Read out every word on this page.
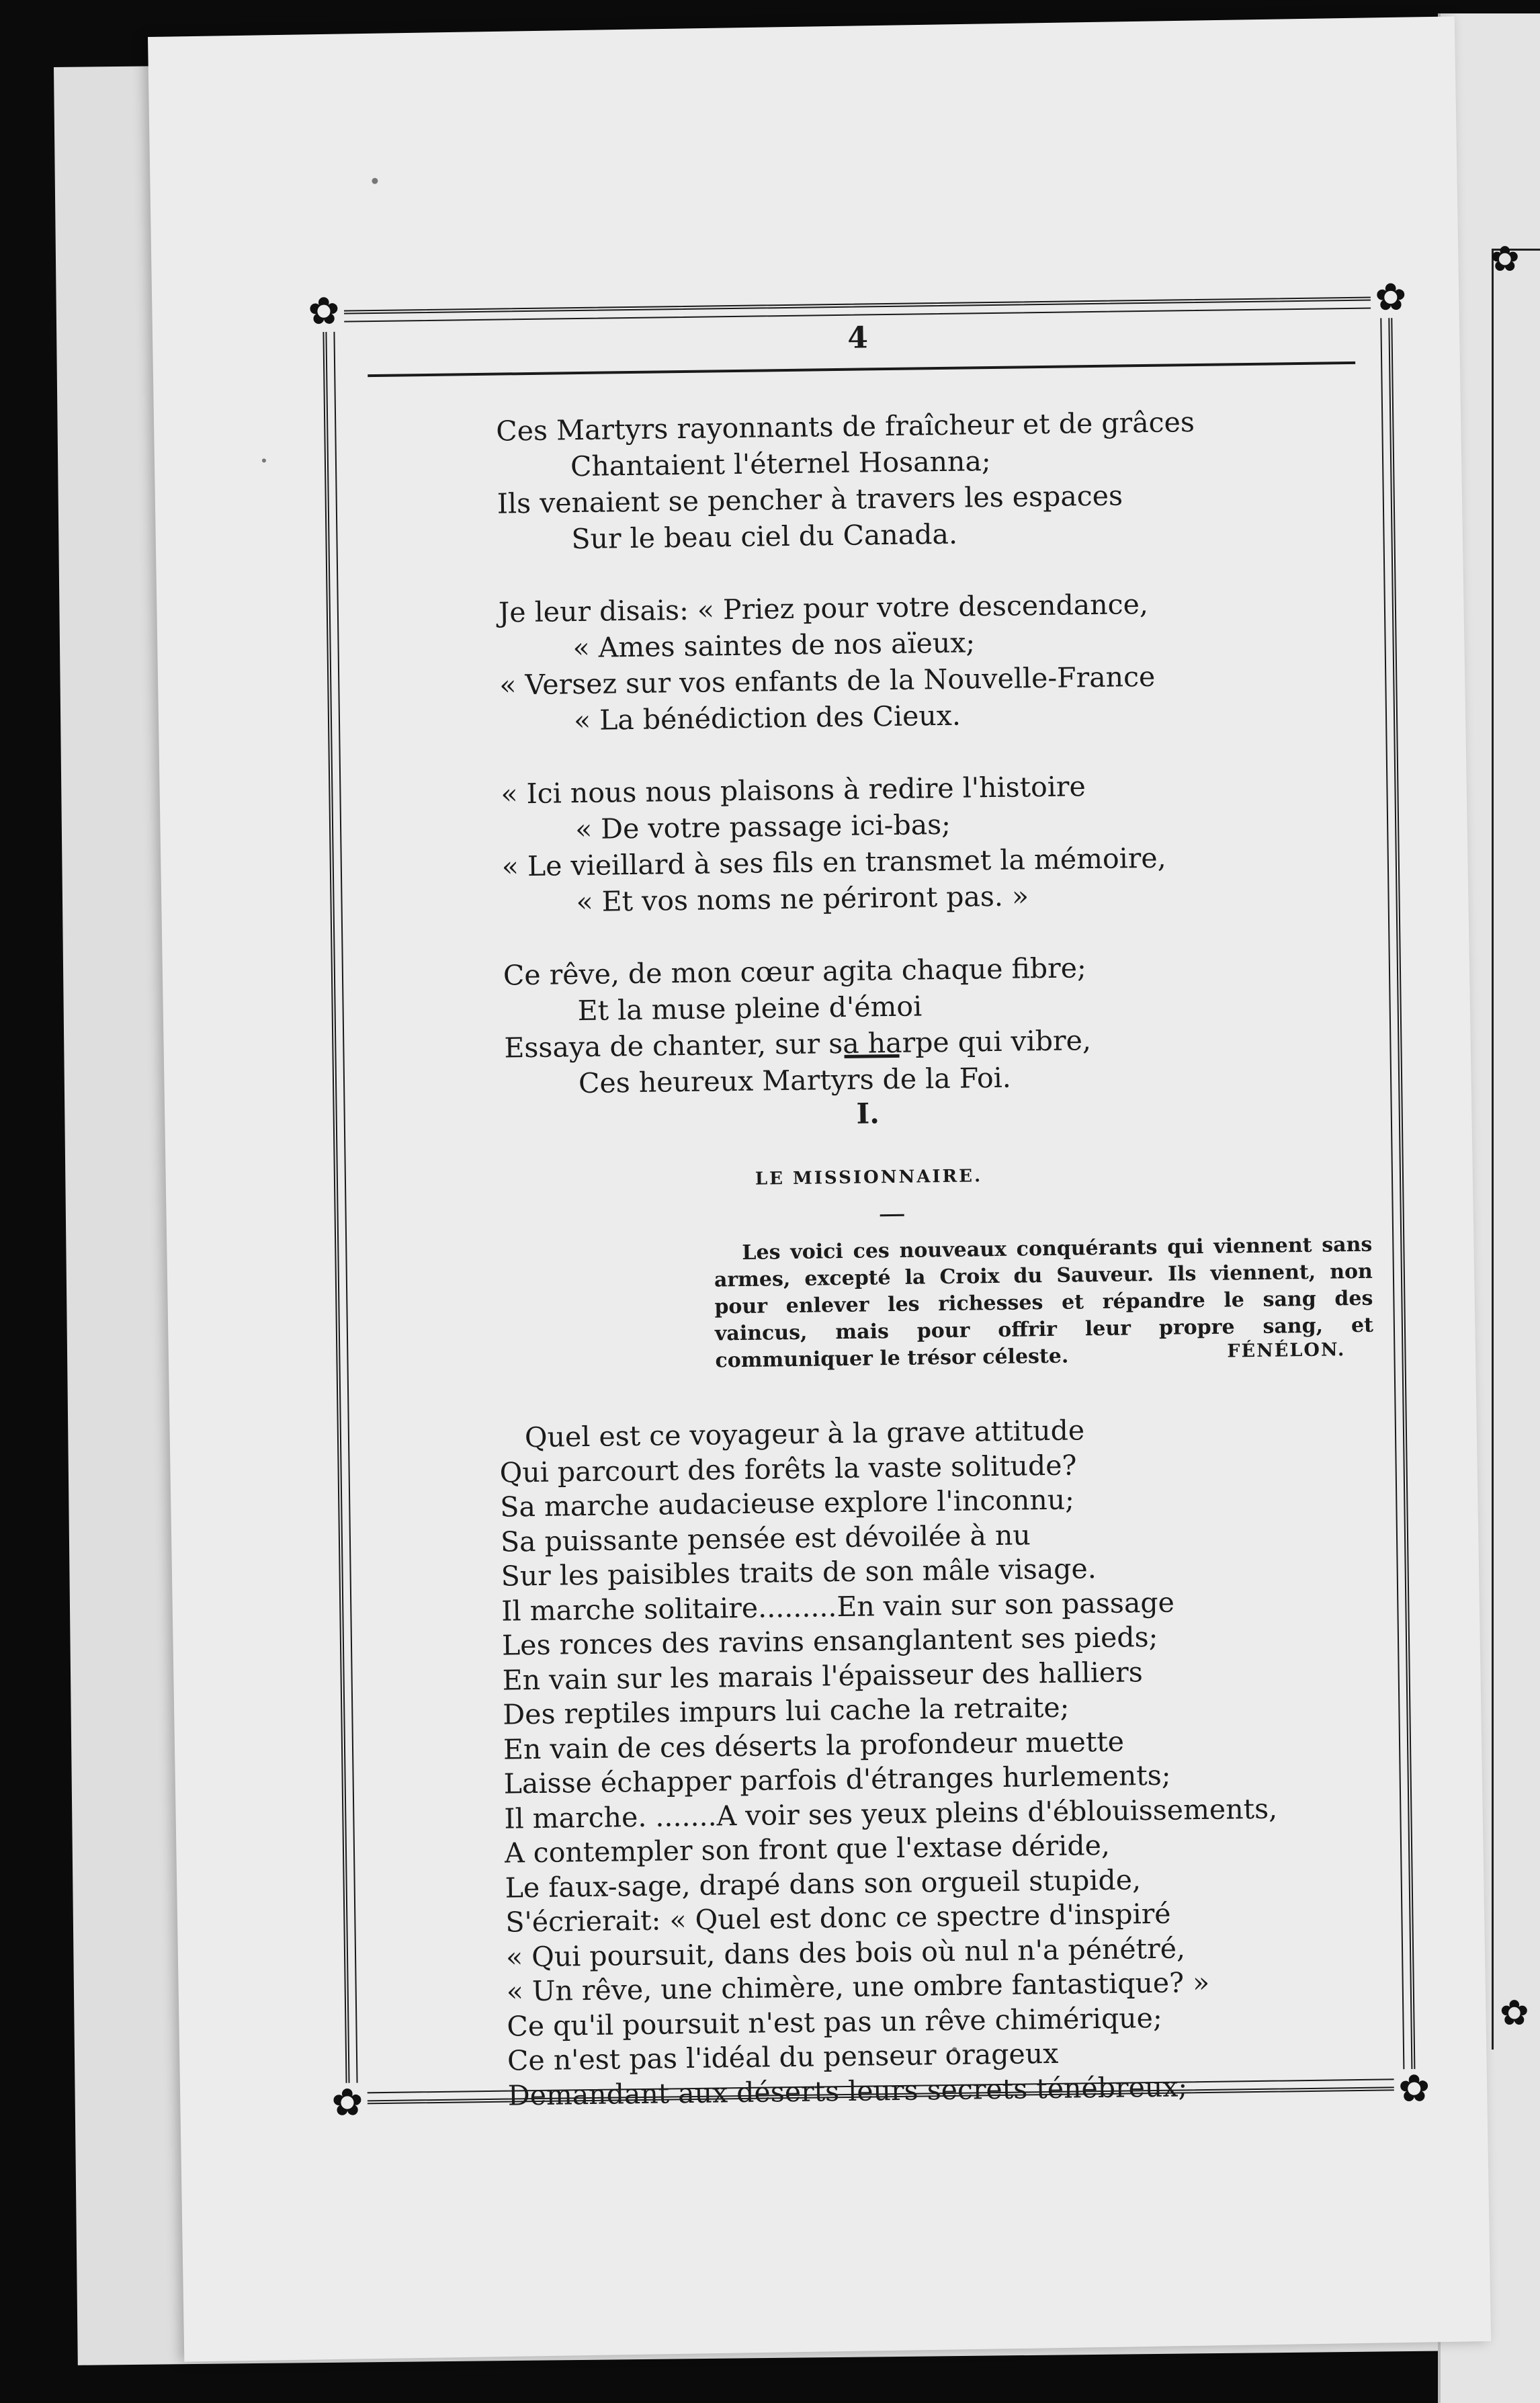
✿
✿
✿	✿
✿	✿
4
Ces Martyrs rayonnants de fraîcheur et de grâces
Chantaient l'éternel Hosanna;
Ils venaient se pencher à travers les espaces
Sur le beau ciel du Canada.
Je leur disais: « Priez pour votre descendance,
« Ames saintes de nos aïeux;
« Versez sur vos enfants de la Nouvelle-France
« La bénédiction des Cieux.
« Ici nous nous plaisons à redire l'histoire
« De votre passage ici-bas;
« Le vieillard à ses fils en transmet la mémoire,
« Et vos noms ne périront pas. »
Ce rêve, de mon cœur agita chaque fibre;
Et la muse pleine d'émoi
Essaya de chanter, sur sa harpe qui vibre,
Ces heureux Martyrs de la Foi.
I.
LE MISSIONNAIRE.
Les voici ces nouveaux conquérants qui viennent sans armes, excepté la Croix du Sauveur. Ils viennent, non pour enlever les richesses et répandre le sang des vaincus, mais pour offrir leur propre sang, et communiquer le trésor céleste.	FÉNÉLON.
Quel est ce voyageur à la grave attitude
Qui parcourt des forêts la vaste solitude?
Sa marche audacieuse explore l'inconnu;
Sa puissante pensée est dévoilée à nu
Sur les paisibles traits de son mâle visage.
Il marche solitaire.........En vain sur son passage
Les ronces des ravins ensanglantent ses pieds;
En vain sur les marais l'épaisseur des halliers
Des reptiles impurs lui cache la retraite;
En vain de ces déserts la profondeur muette
Laisse échapper parfois d'étranges hurlements;
Il marche. .......A voir ses yeux pleins d'éblouissements,
A contempler son front que l'extase déride,
Le faux-sage, drapé dans son orgueil stupide,
S'écrierait: « Quel est donc ce spectre d'inspiré
« Qui poursuit, dans des bois où nul n'a pénétré,
« Un rêve, une chimère, une ombre fantastique? »
Ce qu'il poursuit n'est pas un rêve chimérique;
Ce n'est pas l'idéal du penseur orageux
Demandant aux déserts leurs secrets ténébreux;
